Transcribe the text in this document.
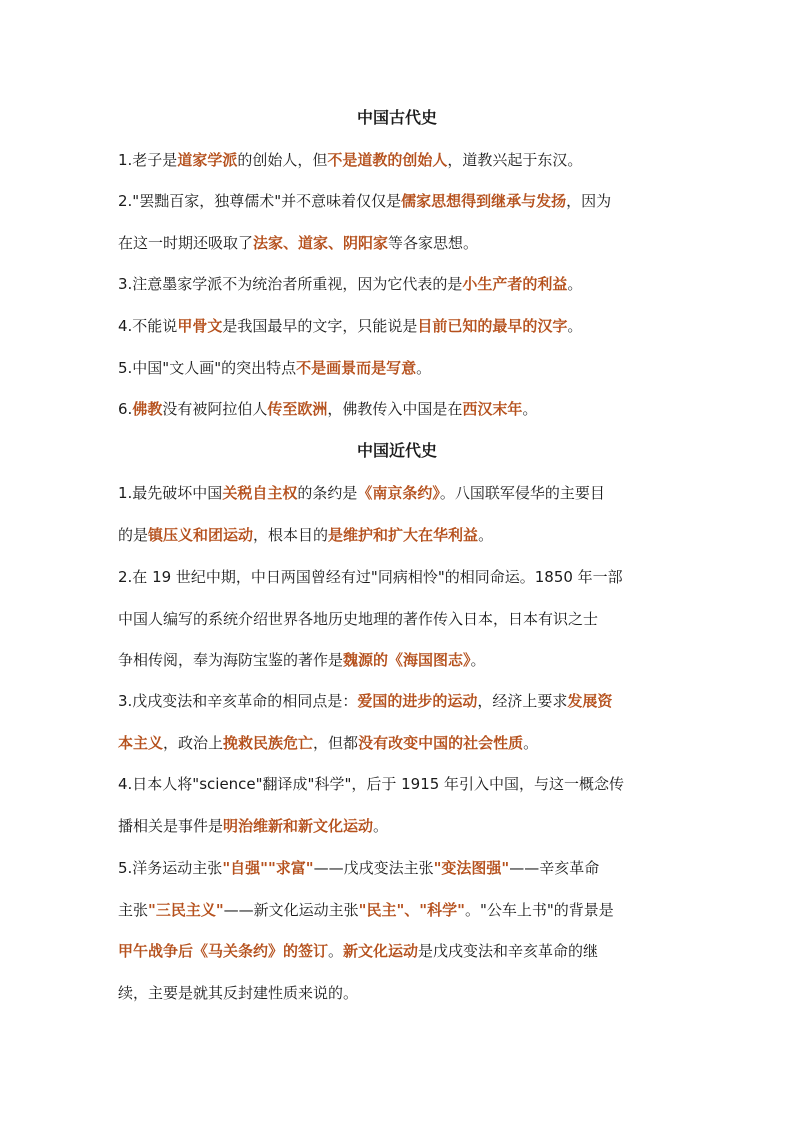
中国古代史
1.老子是道家学派的创始人，但不是道教的创始人，道教兴起于东汉。
2."罢黜百家，独尊儒术"并不意味着仅仅是儒家思想得到继承与发扬，因为
在这一时期还吸取了法家、道家、阴阳家等各家思想。
3.注意墨家学派不为统治者所重视，因为它代表的是小生产者的利益。
4.不能说甲骨文是我国最早的文字，只能说是目前已知的最早的汉字。
5.中国"文人画"的突出特点不是画景而是写意。
6.佛教没有被阿拉伯人传至欧洲，佛教传入中国是在西汉末年。
中国近代史
1.最先破坏中国关税自主权的条约是《南京条约》。八国联军侵华的主要目
的是镇压义和团运动，根本目的是维护和扩大在华利益。
2.在 19 世纪中期，中日两国曾经有过"同病相怜"的相同命运。1850 年一部
中国人编写的系统介绍世界各地历史地理的著作传入日本，日本有识之士
争相传阅，奉为海防宝鉴的著作是魏源的《海国图志》。
3.戊戌变法和辛亥革命的相同点是：爱国的进步的运动，经济上要求发展资
本主义，政治上挽救民族危亡，但都没有改变中国的社会性质。
4.日本人将"science"翻译成"科学"，后于 1915 年引入中国，与这一概念传
播相关是事件是明治维新和新文化运动。
5.洋务运动主张"自强""求富"——戊戌变法主张"变法图强"——辛亥革命
主张"三民主义"——新文化运动主张"民主"、"科学"。"公车上书"的背景是
甲午战争后《马关条约》的签订。新文化运动是戊戌变法和辛亥革命的继
续，主要是就其反封建性质来说的。
